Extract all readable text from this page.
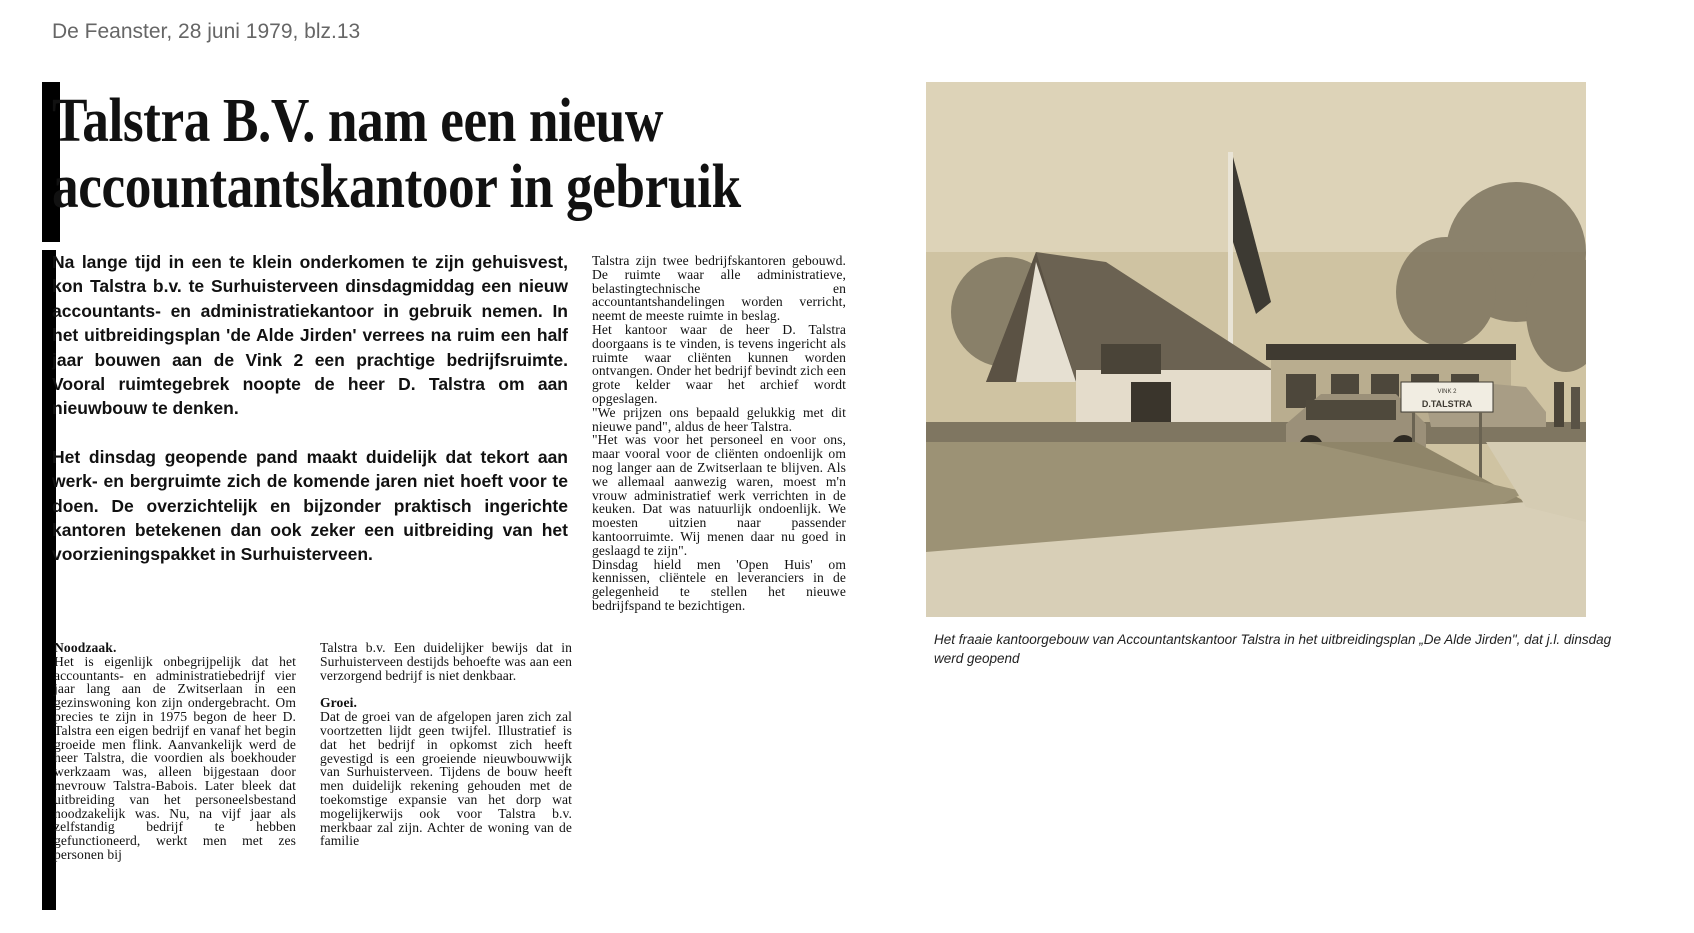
De Feanster, 28 juni 1979, blz.13
Talstra B.V. nam een nieuw
accountantskantoor in gebruik

Na lange tijd in een te klein onderkomen te zijn gehuisvest, kon Talstra b.v. te Surhuisterveen dinsdagmiddag een nieuw accountants- en administratiekantoor in gebruik nemen. In het uitbreidingsplan 'de Alde Jirden' verrees na ruim een half jaar bouwen aan de Vink 2 een prachtige bedrijfsruimte. Vooral ruimtegebrek noopte de heer D. Talstra om aan nieuwbouw te denken.

Het dinsdag geopende pand maakt duidelijk dat tekort aan werk- en bergruimte zich de komende jaren niet hoeft voor te doen. De overzichtelijk en bijzonder praktisch ingerichte kantoren betekenen dan ook zeker een uitbreiding van het voorzieningspakket in Surhuisterveen.

Noodzaak.

Het is eigenlijk onbegrijpelijk dat het accountants- en administratiebedrijf vier jaar lang aan de Zwitserlaan in een gezinswoning kon zijn ondergebracht. Om precies te zijn in 1975 begon de heer D. Talstra een eigen bedrijf en vanaf het begin groeide men flink. Aanvankelijk werd de heer Talstra, die voordien als boekhouder werkzaam was, alleen bijgestaan door mevrouw Talstra-Babois. Later bleek dat uitbreiding van het personeelsbestand noodzakelijk was. Nu, na vijf jaar als zelfstandig bedrijf te hebben gefunctioneerd, werkt men met zes personen bij

Talstra b.v. Een duidelijker bewijs dat in Surhuisterveen destijds behoefte was aan een verzorgend bedrijf is niet denkbaar.

Groei.

Dat de groei van de afgelopen jaren zich zal voortzetten lijdt geen twijfel. Illustratief is dat het bedrijf in opkomst zich heeft gevestigd is een groeiende nieuwbouwwijk van Surhuisterveen. Tijdens de bouw heeft men duidelijk rekening gehouden met de toekomstige expansie van het dorp wat mogelijkerwijs ook voor Talstra b.v. merkbaar zal zijn. Achter de woning van de familie

Talstra zijn twee bedrijfskantoren gebouwd. De ruimte waar alle administratieve, belastingtechnische en accountantshandelingen worden verricht, neemt de meeste ruimte in beslag.

Het kantoor waar de heer D. Talstra doorgaans is te vinden, is tevens ingericht als ruimte waar cliënten kunnen worden ontvangen. Onder het bedrijf bevindt zich een grote kelder waar het archief wordt opgeslagen.

"We prijzen ons bepaald gelukkig met dit nieuwe pand", aldus de heer Talstra.

"Het was voor het personeel en voor ons, maar vooral voor de cliënten ondoenlijk om nog langer aan de Zwitserlaan te blijven. Als we allemaal aanwezig waren, moest m'n vrouw administratief werk verrichten in de keuken. Dat was natuurlijk ondoenlijk. We moesten uitzien naar passender kantoorruimte. Wij menen daar nu goed in geslaagd te zijn".

Dinsdag hield men 'Open Huis' om kennissen, cliëntele en leveranciers in de gelegenheid te stellen het nieuwe bedrijfspand te bezichtigen.

VINK 2
D.TALSTRA
Het fraaie kantoorgebouw van Accountantskantoor Talstra in het uitbreidingsplan „De Alde Jirden", dat j.l. dinsdag werd geopend
